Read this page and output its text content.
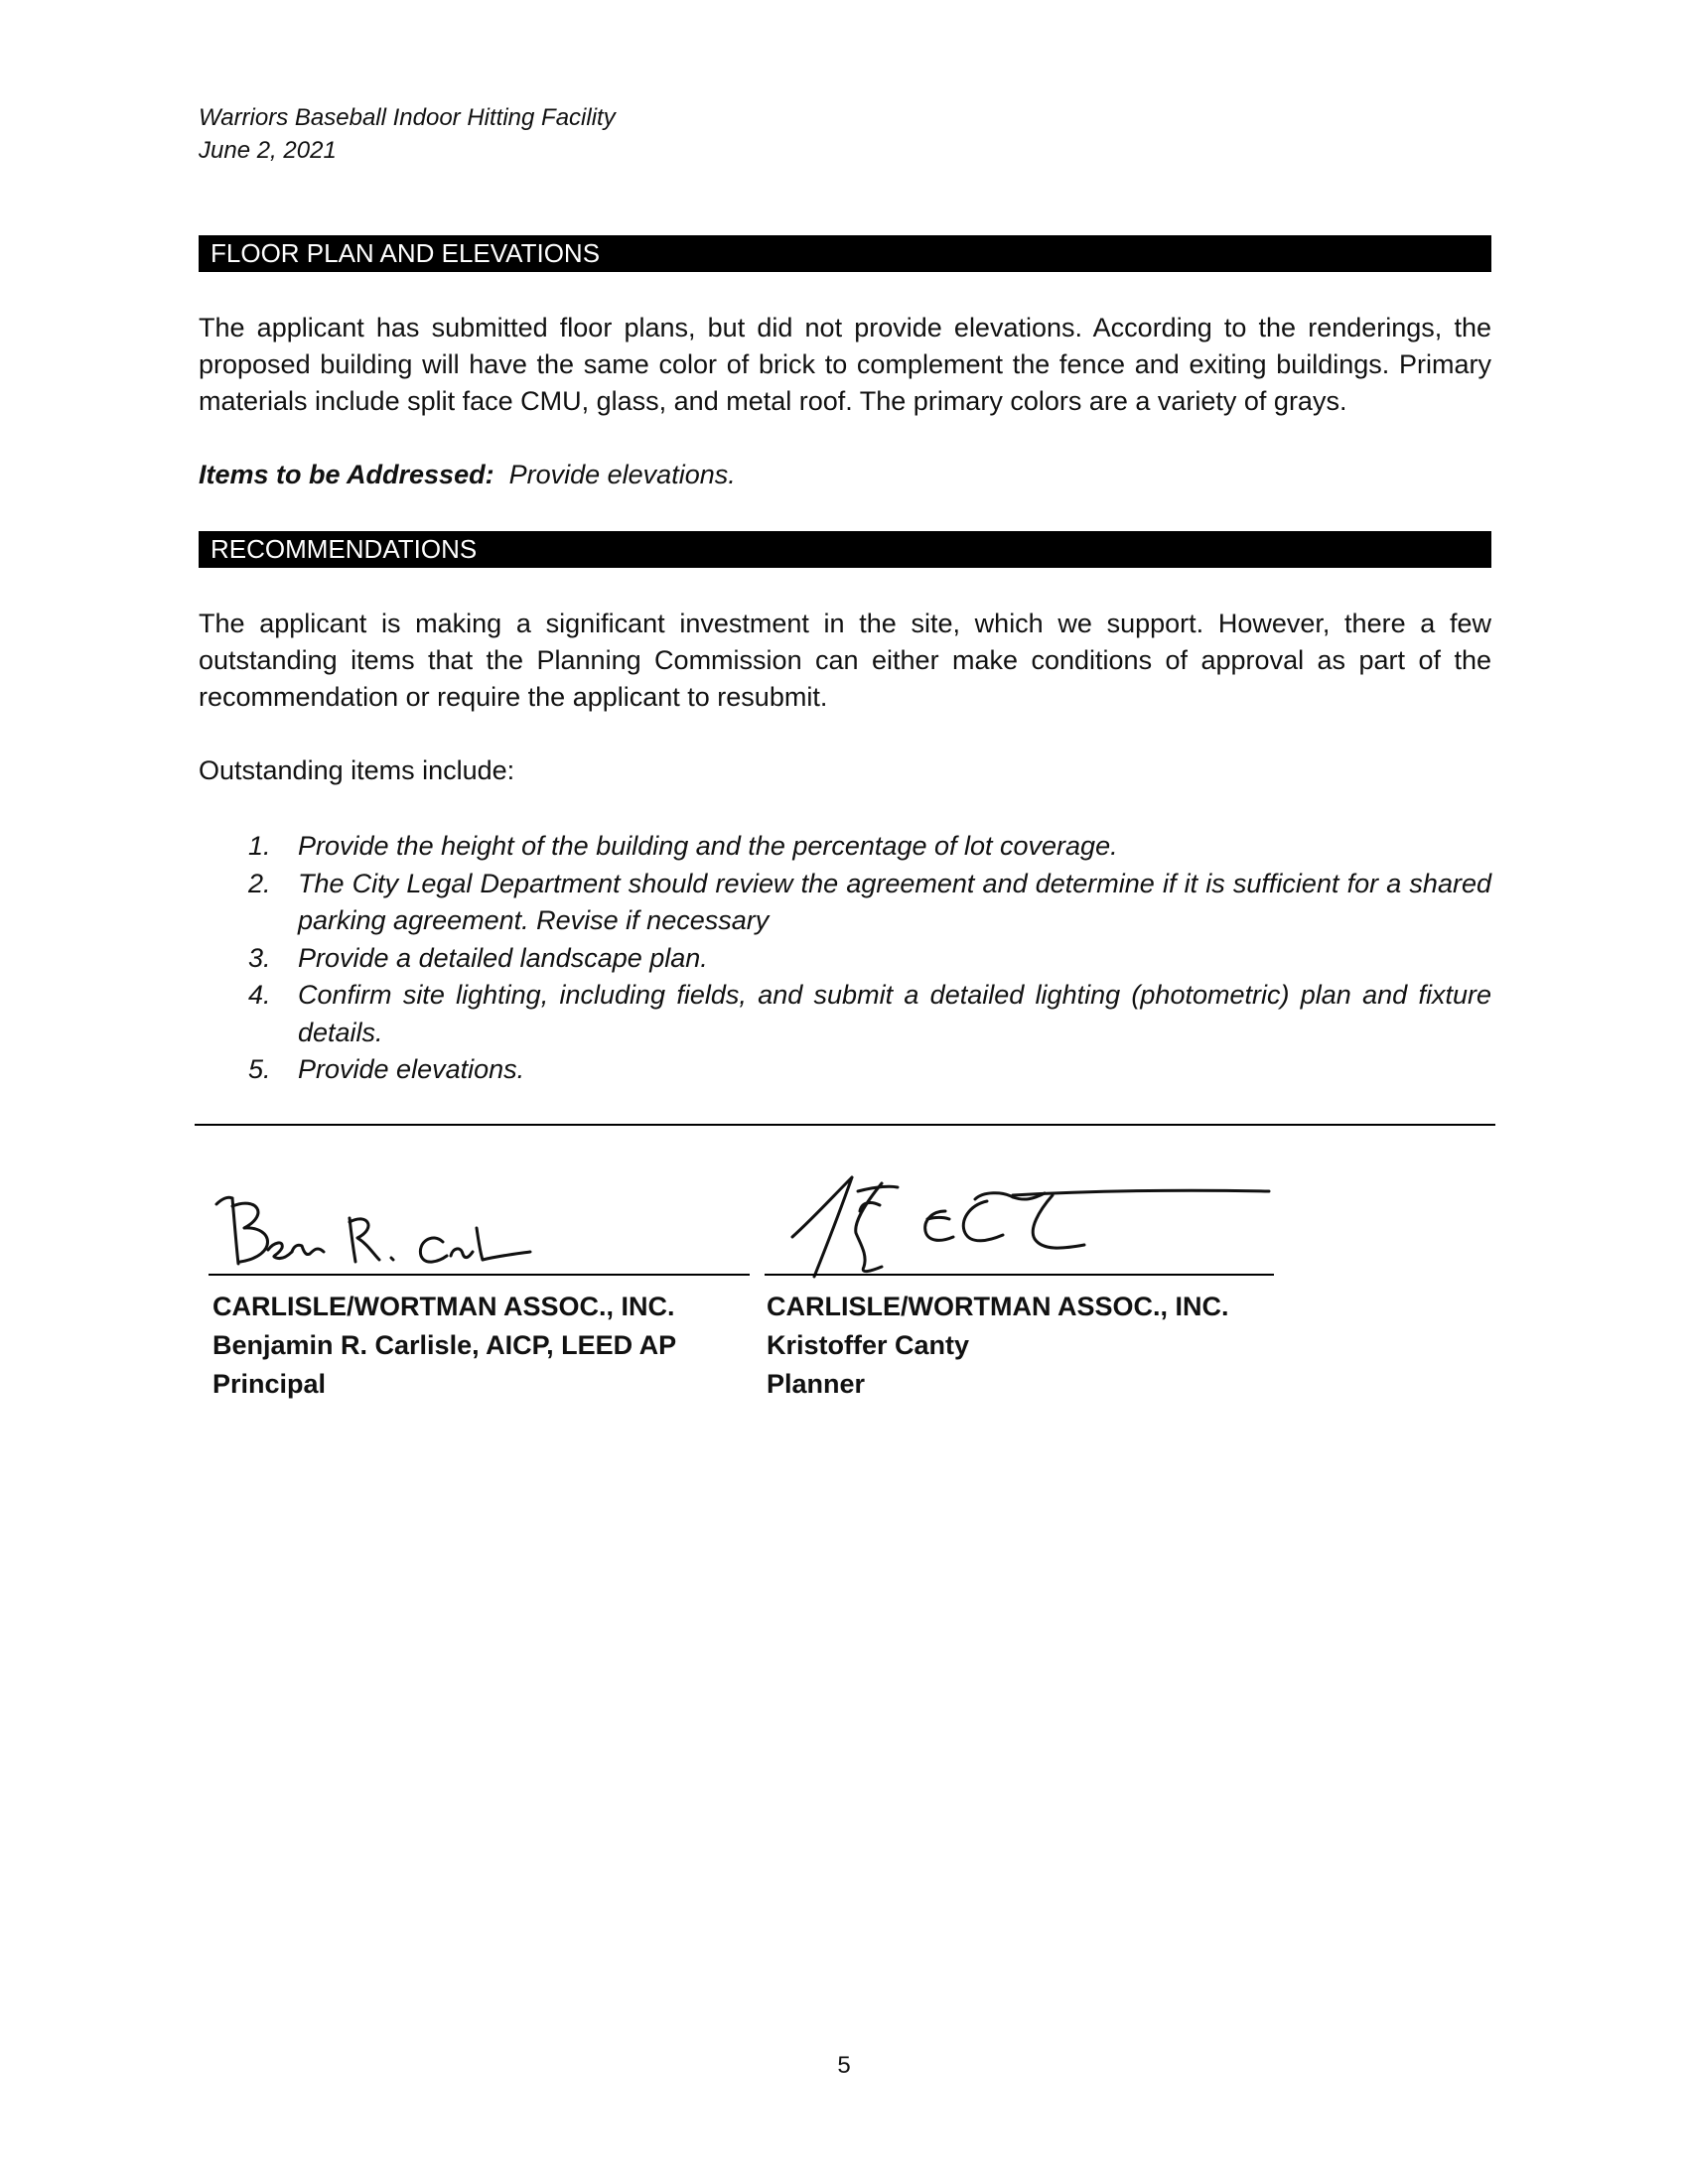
Warriors Baseball Indoor Hitting Facility
June 2, 2021
FLOOR PLAN AND ELEVATIONS
The applicant has submitted floor plans, but did not provide elevations. According to the renderings, the proposed building will have the same color of brick to complement the fence and exiting buildings. Primary materials include split face CMU, glass, and metal roof. The primary colors are a variety of grays.
Items to be Addressed: Provide elevations.
RECOMMENDATIONS
The applicant is making a significant investment in the site, which we support. However, there a few outstanding items that the Planning Commission can either make conditions of approval as part of the recommendation or require the applicant to resubmit.
Outstanding items include:
1. Provide the height of the building and the percentage of lot coverage.
2. The City Legal Department should review the agreement and determine if it is sufficient for a shared parking agreement. Revise if necessary
3. Provide a detailed landscape plan.
4. Confirm site lighting, including fields, and submit a detailed lighting (photometric) plan and fixture details.
5. Provide elevations.
CARLISLE/WORTMAN ASSOC., INC.
Benjamin R. Carlisle, AICP, LEED AP
Principal
CARLISLE/WORTMAN ASSOC., INC.
Kristoffer Canty
Planner
5
